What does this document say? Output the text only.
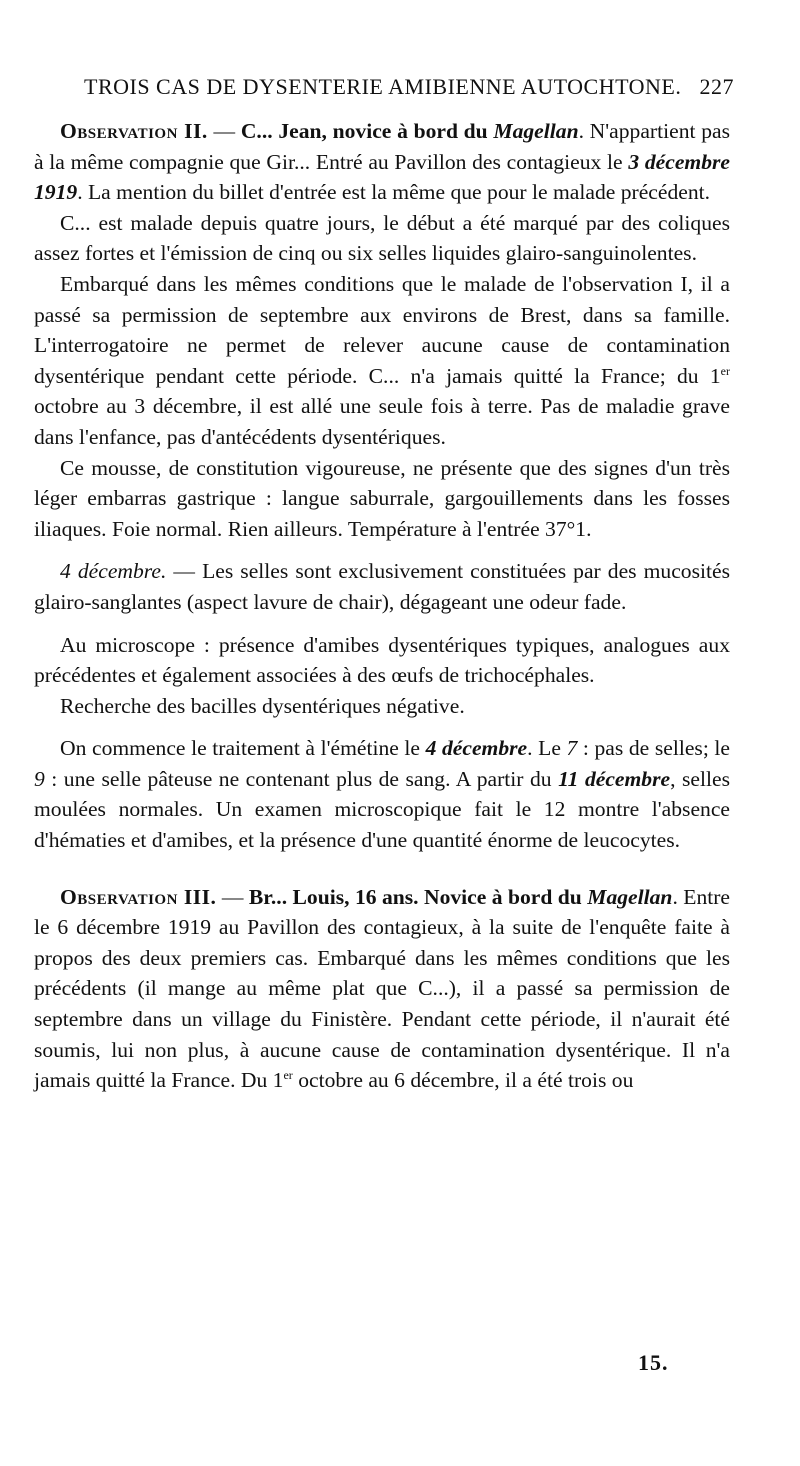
TROIS CAS DE DYSENTERIE AMIBIENNE AUTOCHTONE. 227

Observation II. — C... Jean, novice à bord du Magellan. N'appartient pas à la même compagnie que Gir... Entré au Pavillon des contagieux le 3 décembre 1919. La mention du billet d'entrée est la même que pour le malade précédent.

C... est malade depuis quatre jours, le début a été marqué par des coliques assez fortes et l'émission de cinq ou six selles liquides glairo-sanguinolentes.

Embarqué dans les mêmes conditions que le malade de l'observation I, il a passé sa permission de septembre aux environs de Brest, dans sa famille. L'interrogatoire ne permet de relever aucune cause de contamination dysentérique pendant cette période. C... n'a jamais quitté la France; du 1er octobre au 3 décembre, il est allé une seule fois à terre. Pas de maladie grave dans l'enfance, pas d'antécédents dysentériques.

Ce mousse, de constitution vigoureuse, ne présente que des signes d'un très léger embarras gastrique : langue saburrale, gargouillements dans les fosses iliaques. Foie normal. Rien ailleurs. Température à l'entrée 37°1.

4 décembre. — Les selles sont exclusivement constituées par des mucosités glairo-sanglantes (aspect lavure de chair), dégageant une odeur fade.

Au microscope : présence d'amibes dysentériques typiques, analogues aux précédentes et également associées à des œufs de trichocéphales.

Recherche des bacilles dysentériques négative.

On commence le traitement à l'émétine le 4 décembre. Le 7 : pas de selles; le 9 : une selle pâteuse ne contenant plus de sang. A partir du 11 décembre, selles moulées normales. Un examen microscopique fait le 12 montre l'absence d'hématies et d'amibes, et la présence d'une quantité énorme de leucocytes.

Observation III. — Br... Louis, 16 ans. Novice à bord du Magellan. Entre le 6 décembre 1919 au Pavillon des contagieux, à la suite de l'enquête faite à propos des deux premiers cas. Embarqué dans les mêmes conditions que les précédents (il mange au même plat que C...), il a passé sa permission de septembre dans un village du Finistère. Pendant cette période, il n'aurait été soumis, lui non plus, à aucune cause de contamination dysentérique. Il n'a jamais quitté la France. Du 1er octobre au 6 décembre, il a été trois ou

15.
